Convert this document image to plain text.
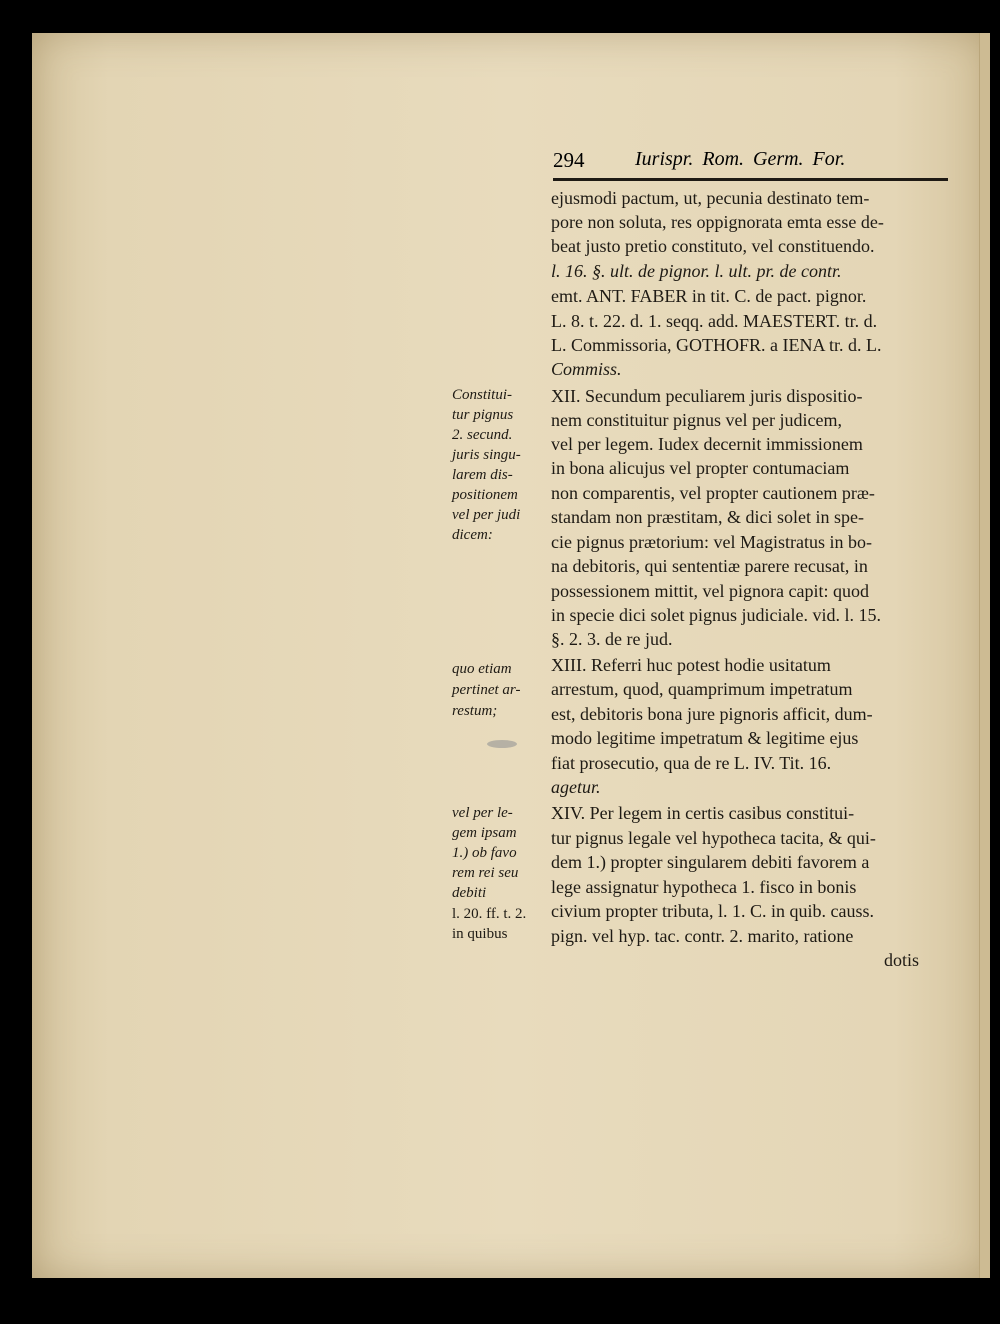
294	Iurispr. Rom. Germ. For.
ejusmodi pactum, ut, pecunia destinato tem-
pore non soluta, res oppignorata emta esse de-
beat justo pretio constituto, vel constituendo.
l. 16. §. ult. de pignor. l. ult. pr. de contr.
emt. ANT. FABER in tit. C. de pact. pignor.
L. 8. t. 22. d. 1. seqq. add. MAESTERT. tr. d.
L. Commissoria, GOTHOFR. a IENA tr. d. L.
Commiss.
XII. Secundum peculiarem juris dispositio-
nem constituitur pignus vel per judicem,
vel per legem. Iudex decernit immissionem
in bona alicujus vel propter contumaciam
non comparentis, vel propter cautionem præ-
standam non præstitam, & dici solet in spe-
cie pignus prætorium: vel Magistratus in bo-
na debitoris, qui sententiæ parere recusat, in
possessionem mittit, vel pignora capit: quod
in specie dici solet pignus judiciale. vid. l. 15.
§. 2. 3. de re jud.
XIII. Referri huc potest hodie usitatum
arrestum, quod, quamprimum impetratum
est, debitoris bona jure pignoris afficit, dum-
modo legitime impetratum & legitime ejus
fiat prosecutio, qua de re L. IV. Tit. 16.
agetur.
XIV. Per legem in certis casibus constitui-
tur pignus legale vel hypotheca tacita, & qui-
dem 1.) propter singularem debiti favorem a
lege assignatur hypotheca 1. fisco in bonis
civium propter tributa, l. 1. C. in quib. causs.
pign. vel hyp. tac. contr. 2. marito, ratione
dotis
Constitui-
tur pignus
2. secund.
juris singu-
larem dis-
positionem
vel per judi
dicem:
quo etiam
pertinet ar-
restum;
vel per le-
gem ipsam
1.) ob favo
rem rei seu
debiti
l. 20. ff. t. 2.
in quibus
